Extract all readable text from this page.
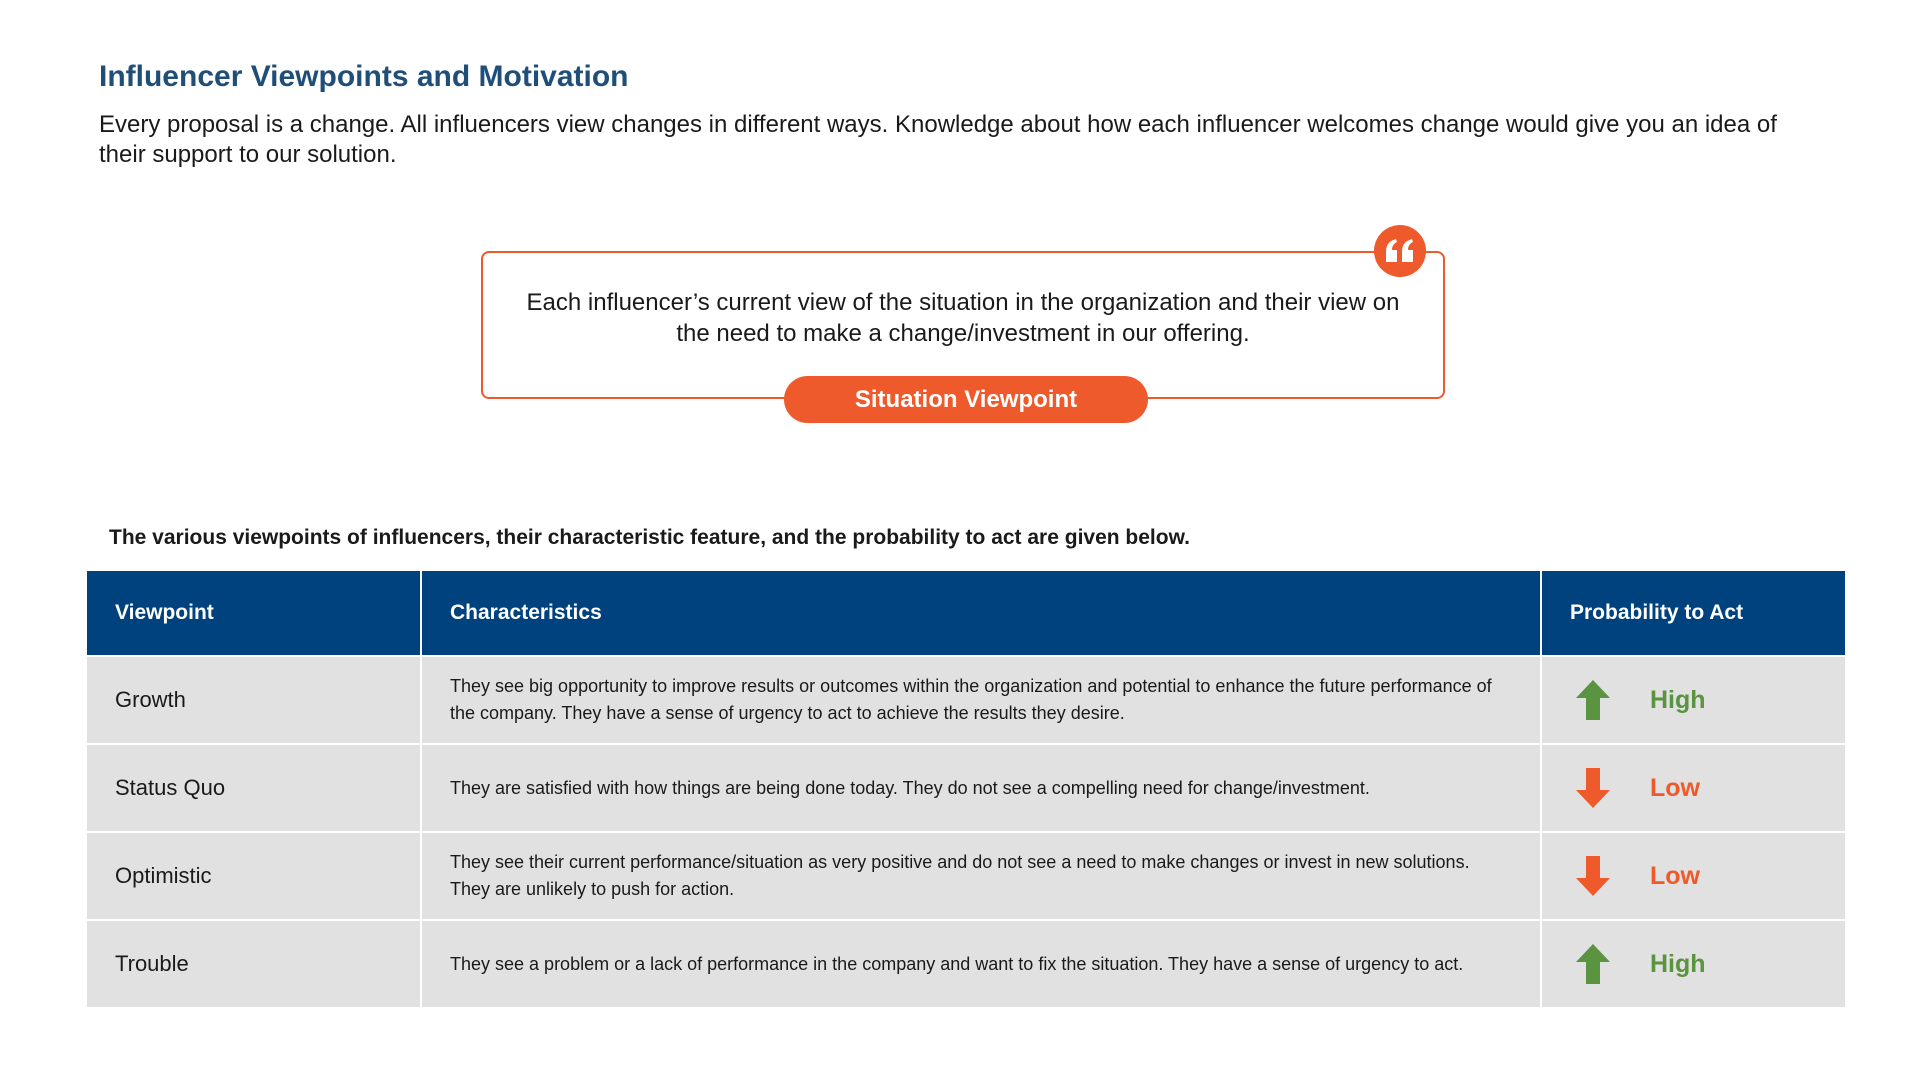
Influencer Viewpoints and Motivation

Every proposal is a change. All influencers view changes in different ways. Knowledge about how each influencer welcomes change would give you an idea of their support to our solution.

Each influencer’s current view of the situation in the organization and their view on the need to make a change/investment in our offering.
Situation Viewpoint

The various viewpoints of influencers, their characteristic feature, and the probability to act are given below.

Viewpoint	Characteristics	Probability to Act
Growth	They see big opportunity to improve results or outcomes within the organization and potential to enhance the future performance of the company. They have a sense of urgency to act to achieve the results they desire.	High

Status Quo	They are satisfied with how things are being done today. They do not see a compelling need for change/investment.	Low

Optimistic	They see their current performance/situation as very positive and do not see a need to make changes or invest in new solutions. They are unlikely to push for action.	Low

Trouble	They see a problem or a lack of performance in the company and want to fix the situation. They have a sense of urgency to act.	High
